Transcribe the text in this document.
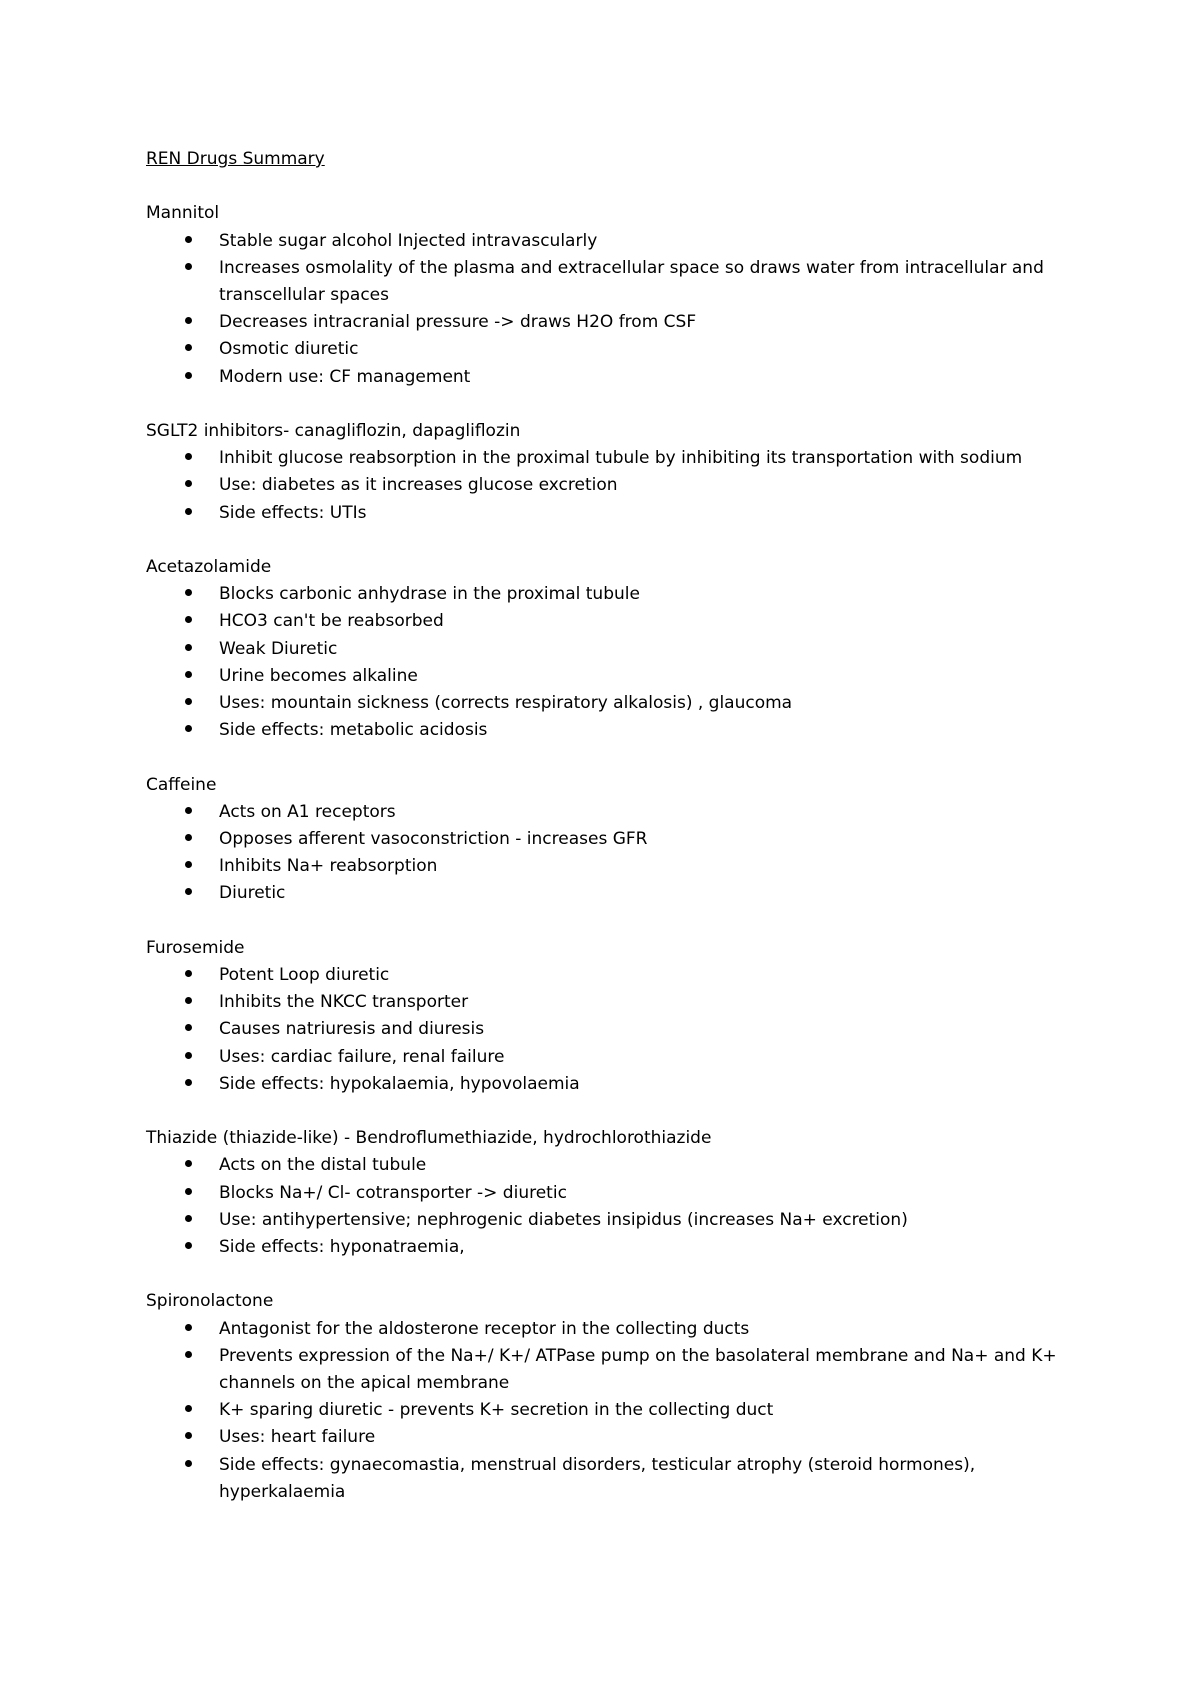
REN Drugs Summary
Mannitol
Stable sugar alcohol Injected intravascularly
Increases osmolality of the plasma and extracellular space so draws water from intracellular and transcellular spaces
Decreases intracranial pressure -> draws H2O from CSF
Osmotic diuretic
Modern use: CF management
SGLT2 inhibitors- canagliflozin, dapagliflozin
Inhibit glucose reabsorption in the proximal tubule by inhibiting its transportation with sodium
Use: diabetes as it increases glucose excretion
Side effects: UTIs
Acetazolamide
Blocks carbonic anhydrase in the proximal tubule
HCO3 can't be reabsorbed
Weak Diuretic
Urine becomes alkaline
Uses: mountain sickness (corrects respiratory alkalosis) , glaucoma
Side effects: metabolic acidosis
Caffeine
Acts on A1 receptors
Opposes afferent vasoconstriction - increases GFR
Inhibits Na+ reabsorption
Diuretic
Furosemide
Potent Loop diuretic
Inhibits the NKCC transporter
Causes natriuresis and diuresis
Uses: cardiac failure, renal failure
Side effects: hypokalaemia, hypovolaemia
Thiazide (thiazide-like) - Bendroflumethiazide, hydrochlorothiazide
Acts on the distal tubule
Blocks Na+/ Cl- cotransporter -> diuretic
Use: antihypertensive; nephrogenic diabetes insipidus (increases Na+ excretion)
Side effects: hyponatraemia,
Spironolactone
Antagonist for the aldosterone receptor in the collecting ducts
Prevents expression of the Na+/ K+/ ATPase pump on the basolateral membrane and Na+ and K+ channels on the apical membrane
K+ sparing diuretic - prevents K+ secretion in the collecting duct
Uses: heart failure
Side effects: gynaecomastia, menstrual disorders, testicular atrophy (steroid hormones), hyperkalaemia
